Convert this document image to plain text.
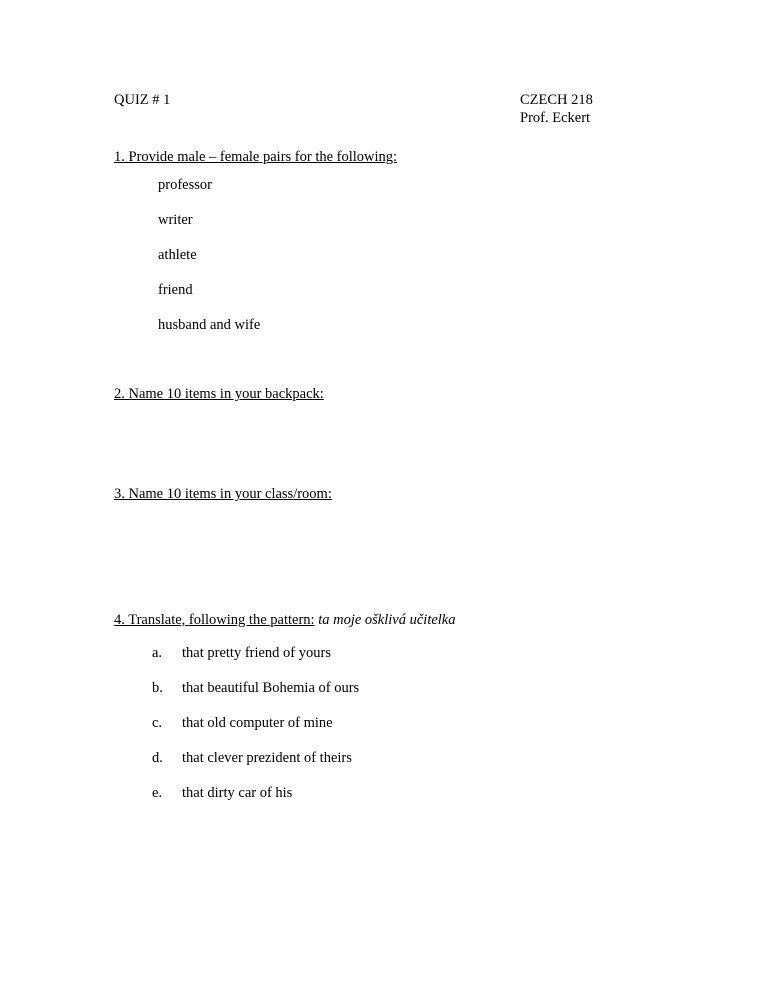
QUIZ # 1	CZECH 218
Prof. Eckert
1. Provide male – female pairs for the following:
professor
writer
athlete
friend
husband and wife
2. Name 10 items in your backpack:
3. Name 10 items in your class/room:
4. Translate, following the pattern: ta moje ošklivá učitelka
a. that pretty friend of yours
b. that beautiful Bohemia of ours
c. that old computer of mine
d. that clever prezident of theirs
e. that dirty car of his
